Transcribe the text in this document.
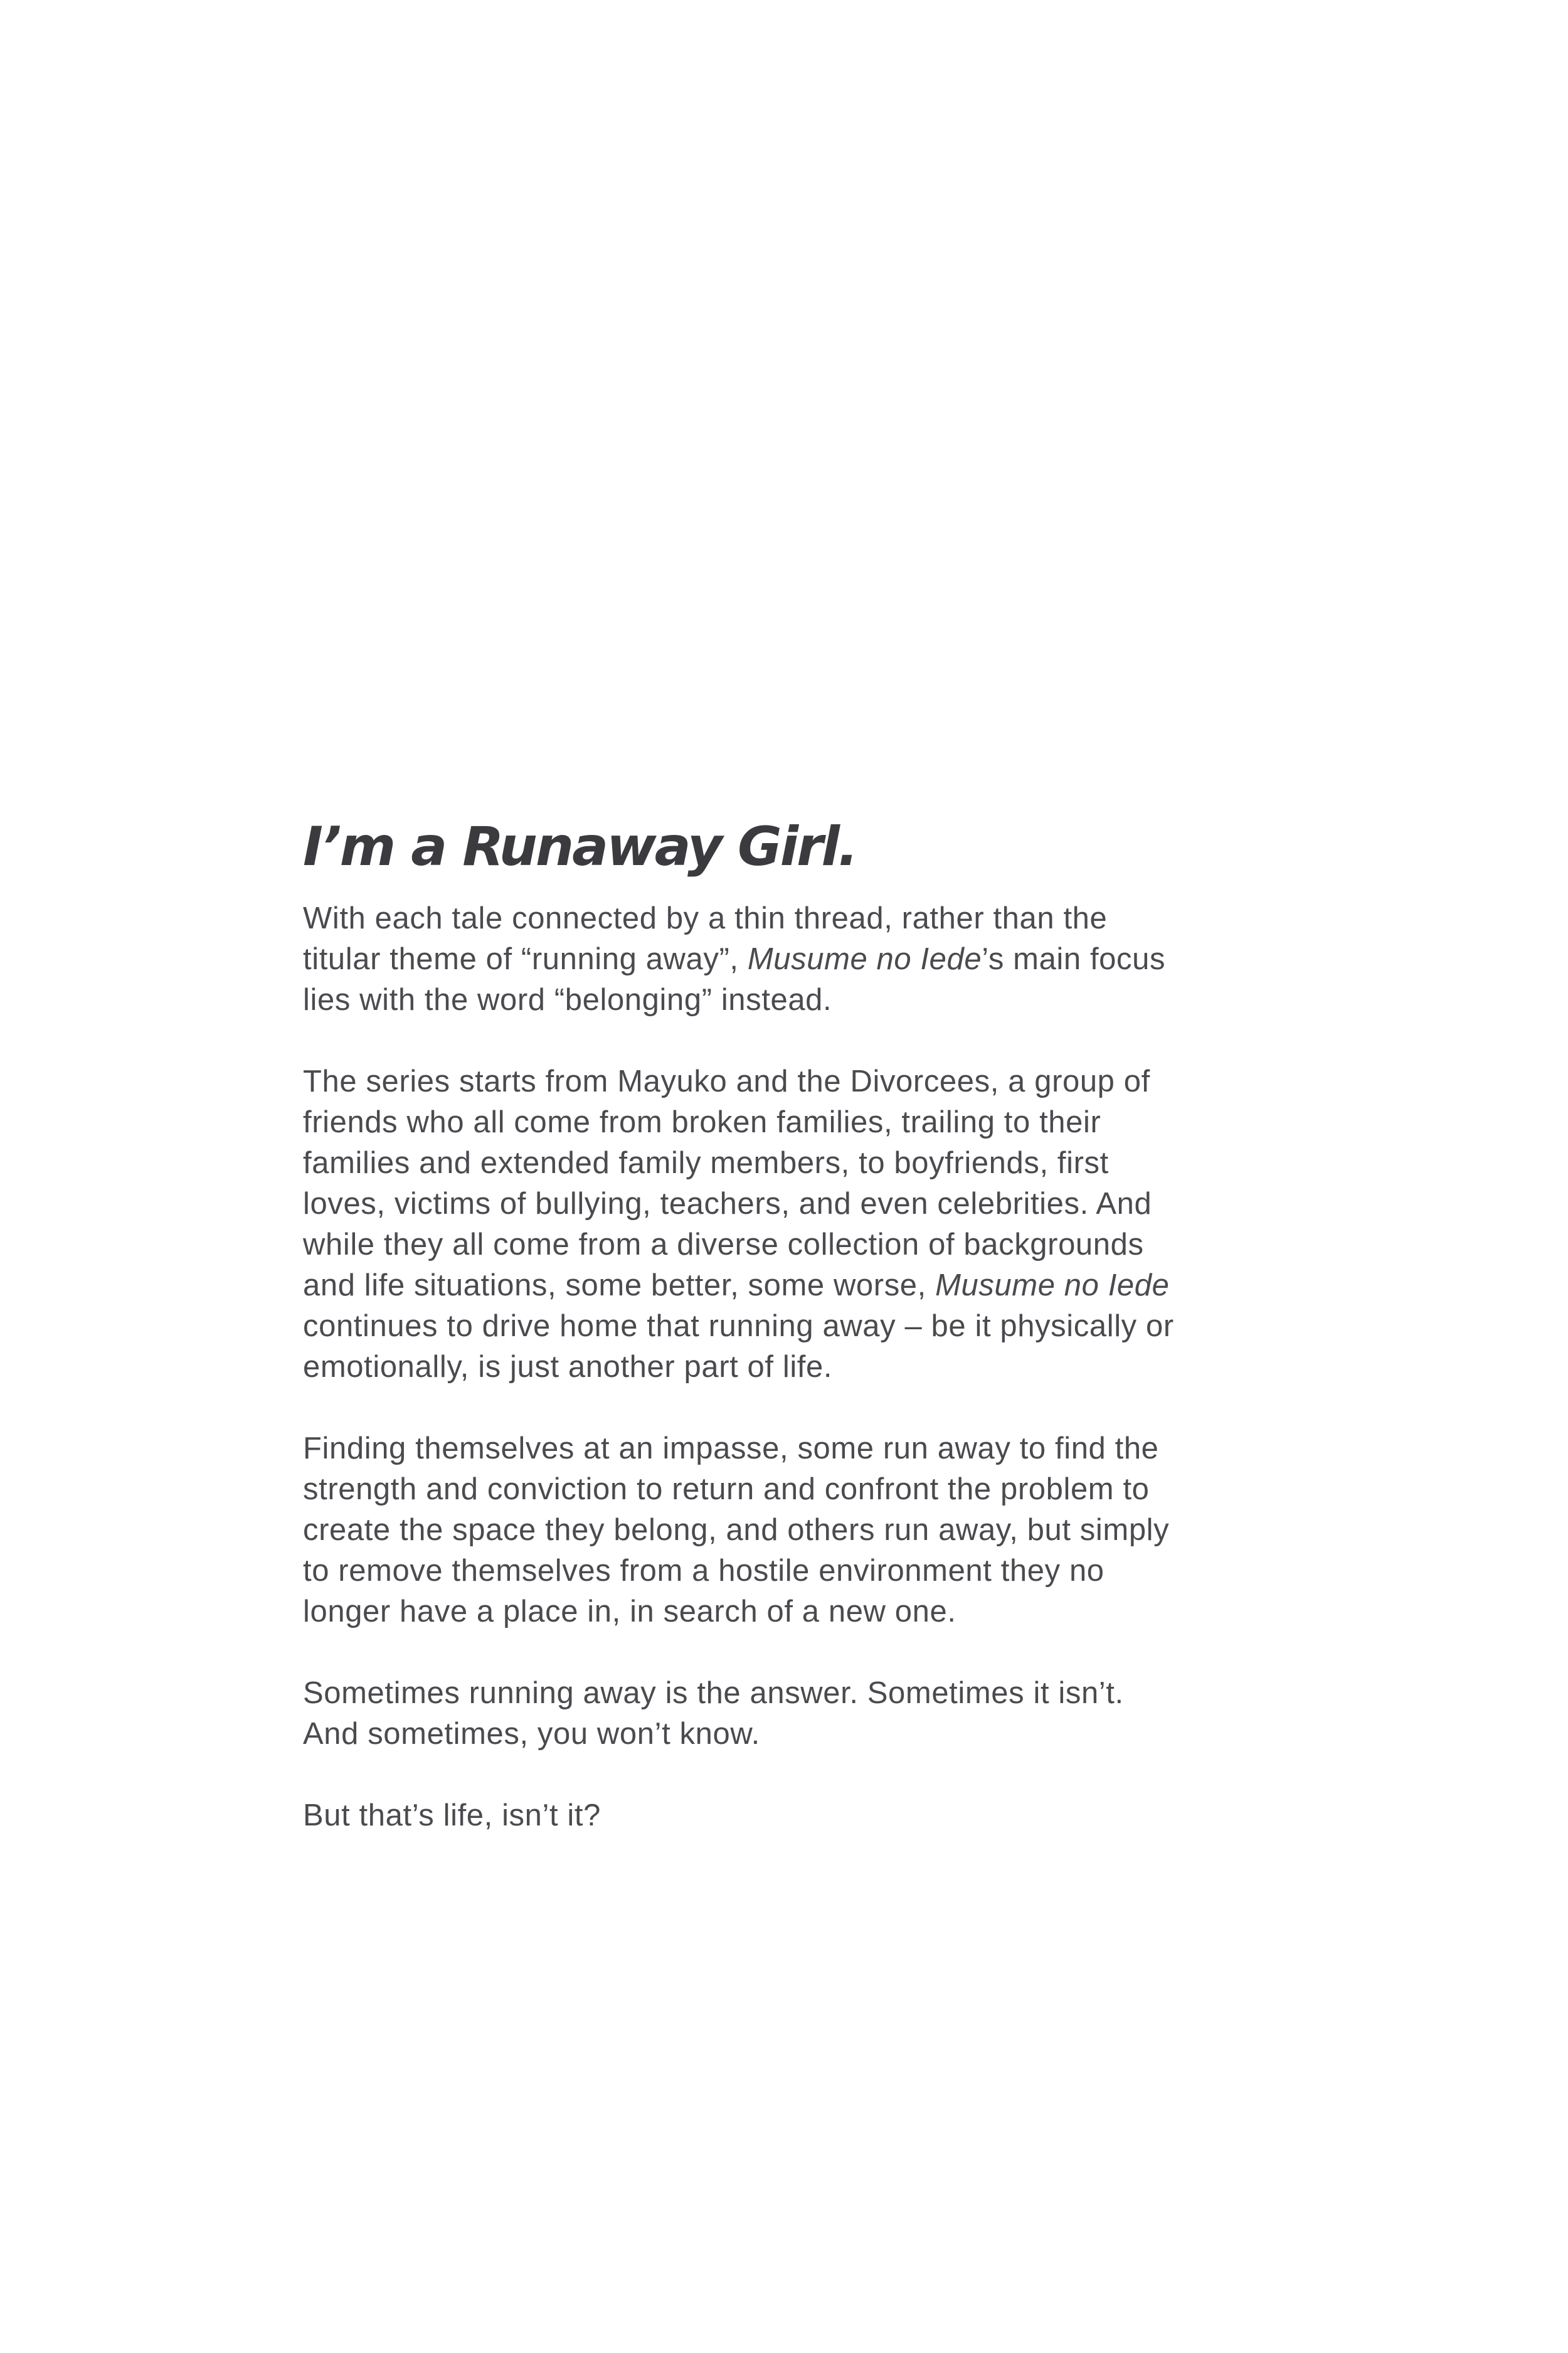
I’m a Runaway Girl.

With each tale connected by a thin thread, rather than the
titular theme of “running away”, Musume no Iede’s main focus
lies with the word “belonging” instead.

The series starts from Mayuko and the Divorcees, a group of
friends who all come from broken families, trailing to their
families and extended family members, to boyfriends, first
loves, victims of bullying, teachers, and even celebrities. And
while they all come from a diverse collection of backgrounds
and life situations, some better, some worse, Musume no Iede
continues to drive home that running away – be it physically or
emotionally, is just another part of life.

Finding themselves at an impasse, some run away to find the
strength and conviction to return and confront the problem to
create the space they belong, and others run away, but simply
to remove themselves from a hostile environment they no
longer have a place in, in search of a new one.

Sometimes running away is the answer. Sometimes it isn’t.
And sometimes, you won’t know.

But that’s life, isn’t it?
